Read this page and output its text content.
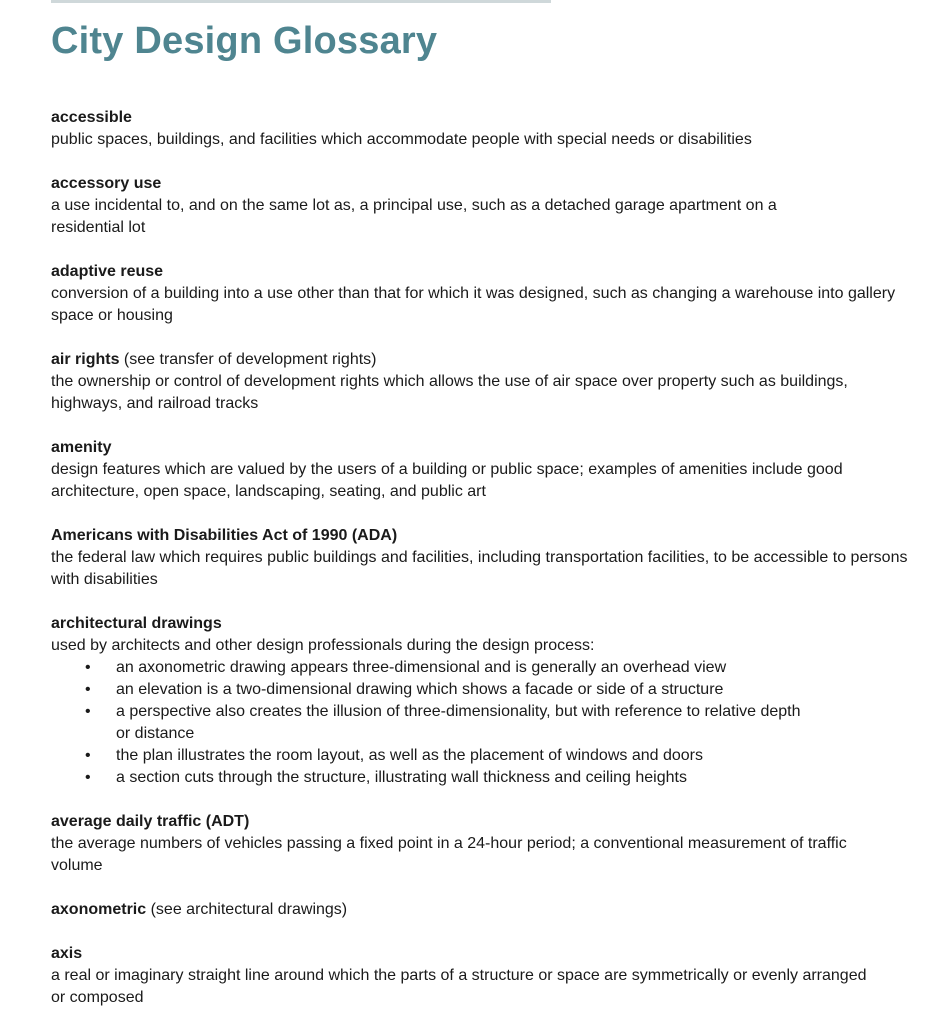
City Design Glossary
accessible

public spaces, buildings, and facilities which accommodate people with special needs or disabilities

accessory use

a use incidental to, and on the same lot as, a principal use, such as a detached garage apartment on a residential lot

adaptive reuse

conversion of a building into a use other than that for which it was designed, such as changing a warehouse into gallery space or housing

air rights (see transfer of development rights)

the ownership or control of development rights which allows the use of air space over property such as buildings, highways, and railroad tracks

amenity

design features which are valued by the users of a building or public space; examples of amenities include good architecture, open space, landscaping, seating, and public art

Americans with Disabilities Act of 1990 (ADA)

the federal law which requires public buildings and facilities, including transportation facilities, to be accessible to persons with disabilities

architectural drawings

used by architects and other design professionals during the design process:

• an axonometric drawing appears three-dimensional and is generally an overhead view
• an elevation is a two-dimensional drawing which shows a facade or side of a structure
• a perspective also creates the illusion of three-dimensionality, but with reference to relative depth or distance
• the plan illustrates the room layout, as well as the placement of windows and doors
• a section cuts through the structure, illustrating wall thickness and ceiling heights
average daily traffic (ADT)

the average numbers of vehicles passing a fixed point in a 24-hour period; a conventional measurement of traffic volume

axonometric (see architectural drawings)
axis

a real or imaginary straight line around which the parts of a structure or space are symmetrically or evenly arranged or composed
